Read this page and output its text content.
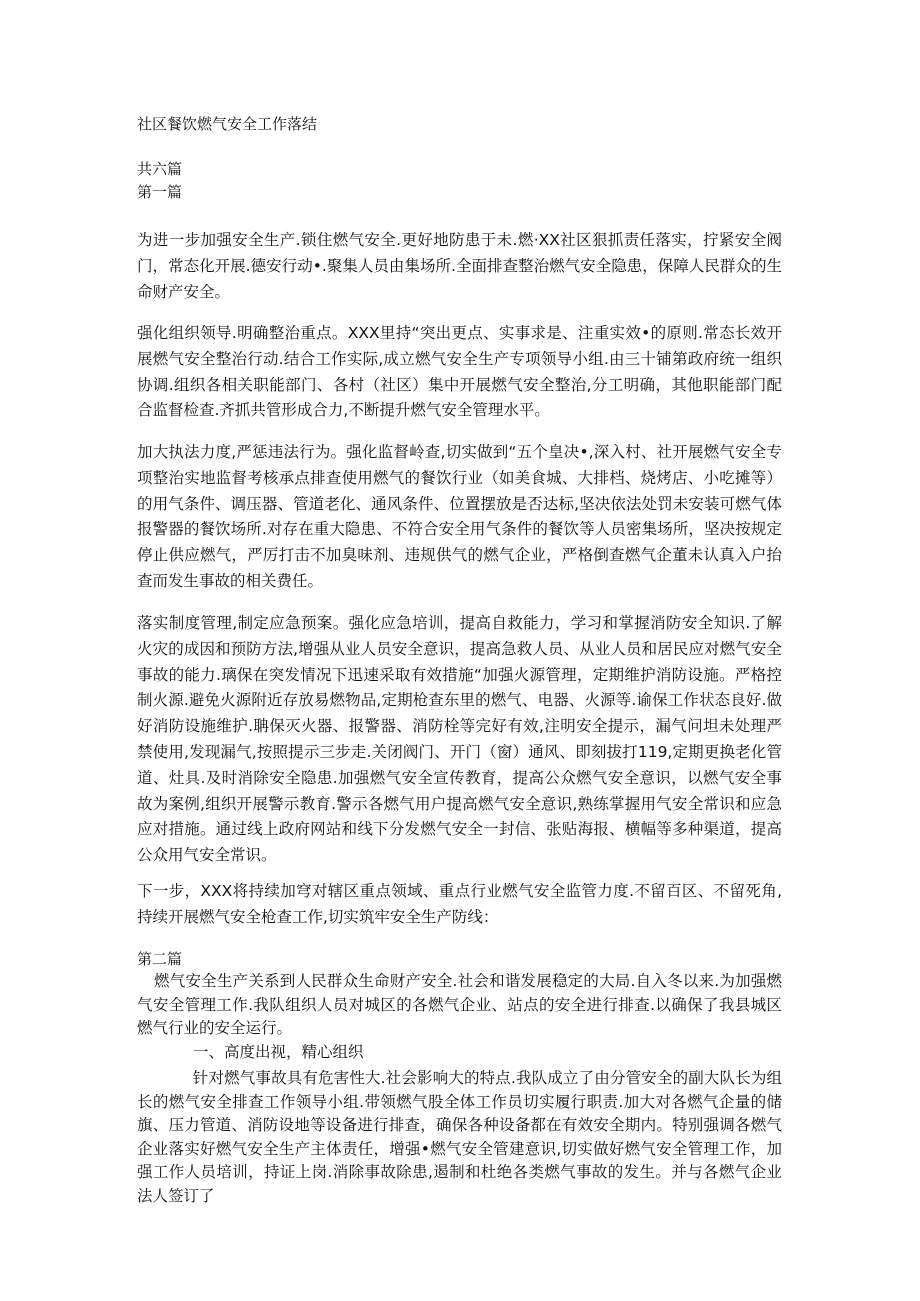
社区餐饮燃气安全工作落结
共六篇
第一篇

为进一步加强安全生产.锁住燃气安全.更好地防患于未.燃·XX社区狠抓责任落实，拧紧安全阀门，常态化开展.德安行动•.聚集人员由集场所.全面排查整治燃气安全隐患，保障人民群众的生命财产安全。

强化组织领导.明确整治重点。XXX里持“突出更点、实事求是、注重实效•的原则.常态长效开展燃气安全整治行动.结合工作实际,成立燃气安全生产专项领导小组.由三十铺第政府统一组织协调.组织各相关职能部门、各村（社区）集中开展燃气安全整治,分工明确，其他职能部门配合监督检查.齐抓共管形成合力,不断提升燃气安全管理水平。

加大执法力度,严惩违法行为。强化监督岭查,切实做到“五个皇决•,深入村、社开展燃气安全专项整治实地监督考核承点排查使用燃气的餐饮行业（如美食城、大排档、烧烤店、小吃摊等）的用气条件、调压器、管道老化、通风条件、位置摆放是否达标,坚决依法处罚未安装可燃气体报警器的餐饮场所.对存在重大隐患、不符合安全用气条件的餐饮等人员密集场所，坚决按规定停止供应燃气，严厉打击不加臭味剂、违规供气的燃气企业，严格倒查燃气企董未认真入户抬查而发生事故的相关费任。

落实制度管理,制定应急预案。强化应急培训，提高自救能力，学习和掌握消防安全知识.了解火灾的成因和预防方法,增强从业人员安全意识，提高急救人员、从业人员和居民应对燃气安全事故的能力.璃保在突发情况下迅速采取有效措施“加强火源管理，定期维护消防设施。严格控制火源.避免火源附近存放易燃物品,定期枪查东里的燃气、电器、火源等.谕保工作状态良好.做好消防设施维护.聃保灭火器、报警器、消防栓等完好有效,注明安全提示，漏气问坦未处理严禁使用,发现漏气,按照提示三步走.关闭阀门、开门（窗）通风、即刻拔打119,定期更换老化管道、灶具.及时消除安全隐患.加强燃气安全宣传教育，提高公众燃气安全意识，以燃气安全事故为案例,组织开展警示教育.警示各燃气用户提高燃气安全意识,熟练掌握用气安全常识和应急应对措施。通过线上政府网站和线下分发燃气安全一封信、张贴海报、横幅等多种渠道，提高公众用气安全常识。

下一步，XXX将持续加穹对辖区重点领域、重点行业燃气安全监管力度.不留百区、不留死角,持续开展燃气安全枪查工作,切实筑牢安全生产防线：

第二篇

燃气安全生产关系到人民群众生命财产安全.社会和谐发展稳定的大局.自入冬以来.为加强燃气安全管理工作.我队组织人员对城区的各燃气企业、站点的安全进行排查.以确保了我县城区燃气行业的安全运行。

一、高度出视，精心组织

针对燃气事故具有危害性大.社会影响大的特点.我队成立了由分管安全的副大队长为组长的燃气安全排查工作领导小组.带领燃气股全体工作员切实履行职责.加大对各燃气企量的储旗、压力管道、消防设地等设备进行排查，确保各种设备都在有效安全期内。特别强调各燃气企业落实好燃气安全生产主体责任，增强•燃气安全管建意识,切实做好燃气安全管理工作，加强工作人员培训，持证上岗.消除事故除患,遏制和杜绝各类燃气事故的发生。并与各燃气企业法人签订了
